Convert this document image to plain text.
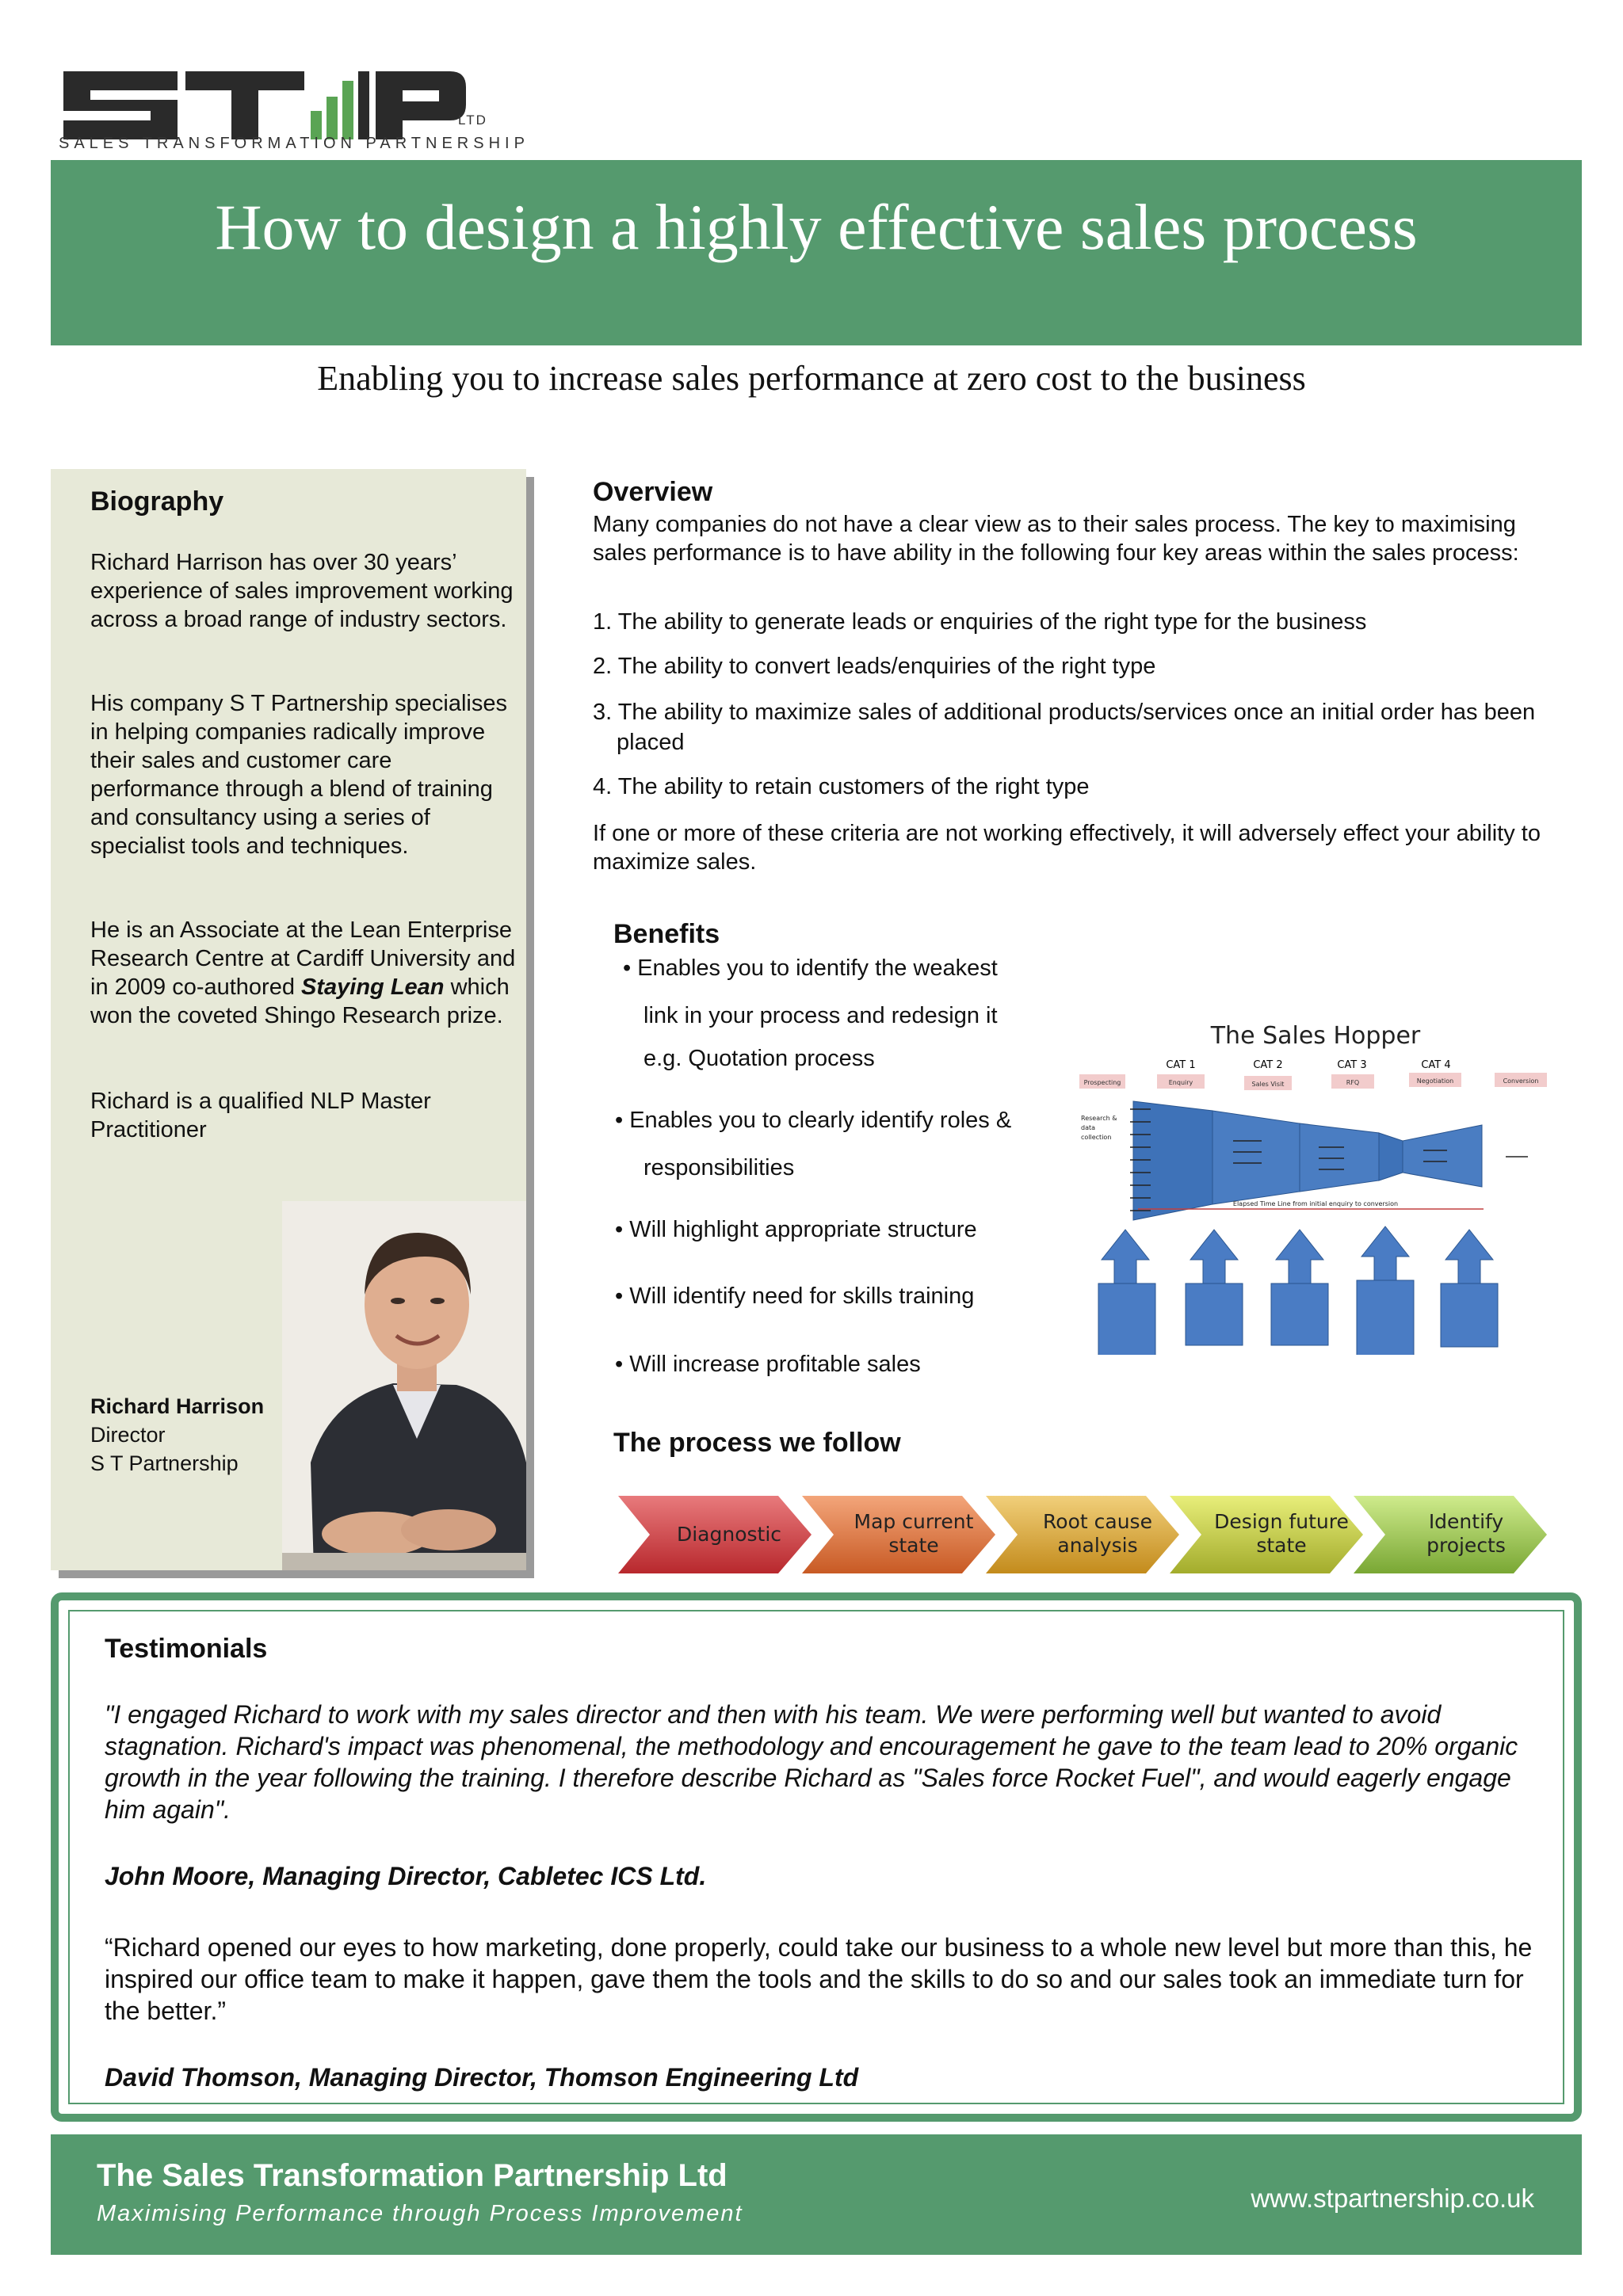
LTD
SALES TRANSFORMATION PARTNERSHIP
How to design a highly effective sales process
Enabling you to increase sales performance at zero cost to the business
Biography
Richard Harrison has over 30 years’ experience of sales improvement working across a broad range of industry sectors.
His company S T Partnership specialises in helping companies radically improve their sales and customer care performance through a blend of training and consultancy using a series of specialist tools and techniques.
He is an Associate at the Lean Enterprise Research Centre at Cardiff University and in 2009 co-authored Staying Lean which won the coveted Shingo Research prize.
Richard is a qualified NLP Master Practitioner
Richard Harrison
Director
S T Partnership
Overview
Many companies do not have a clear view as to their sales process. The key to maximising sales performance is to have ability in the following four key areas within the sales process:
1. The ability to generate leads or enquiries of the right type for the business
2. The ability to convert leads/enquiries of the right type
3. The ability to maximize sales of additional products/services once an initial order has been placed
4. The ability to retain customers of the right type
If one or more of these criteria are not working effectively, it will adversely effect your ability to maximize sales.
Benefits
• Enables you to identify the weakest
link in your process and redesign it
e.g. Quotation process
• Enables you to clearly identify roles &
responsibilities
• Will highlight appropriate structure
• Will identify need for skills training
• Will increase profitable sales
The Sales Hopper
CAT 1	CAT 2	CAT 3	CAT 4
Prospecting	Enquiry	Sales Visit	RFQ	Negotiation	Conversion
Research &
data
collection
Elapsed Time Line from initial enquiry to conversion
The process we follow
Diagnostic
Map current state
Root cause analysis
Design future state
Identify projects
Testimonials
"I engaged Richard to work with my sales director and then with his team. We were performing well but wanted to avoid stagnation. Richard's impact was phenomenal, the methodology and encouragement he gave to the team lead to 20% organic growth in the year following the training. I therefore describe Richard as "Sales force Rocket Fuel", and would eagerly engage him again".
John Moore, Managing Director, Cabletec ICS Ltd.
“Richard opened our eyes to how marketing, done properly, could take our business to a whole new level but more than this, he inspired our office team to make it happen, gave them the tools and the skills to do so and our sales took an immediate turn for the better.”
David Thomson, Managing Director, Thomson Engineering Ltd
The Sales Transformation Partnership Ltd
Maximising Performance through Process Improvement
www.stpartnership.co.uk
